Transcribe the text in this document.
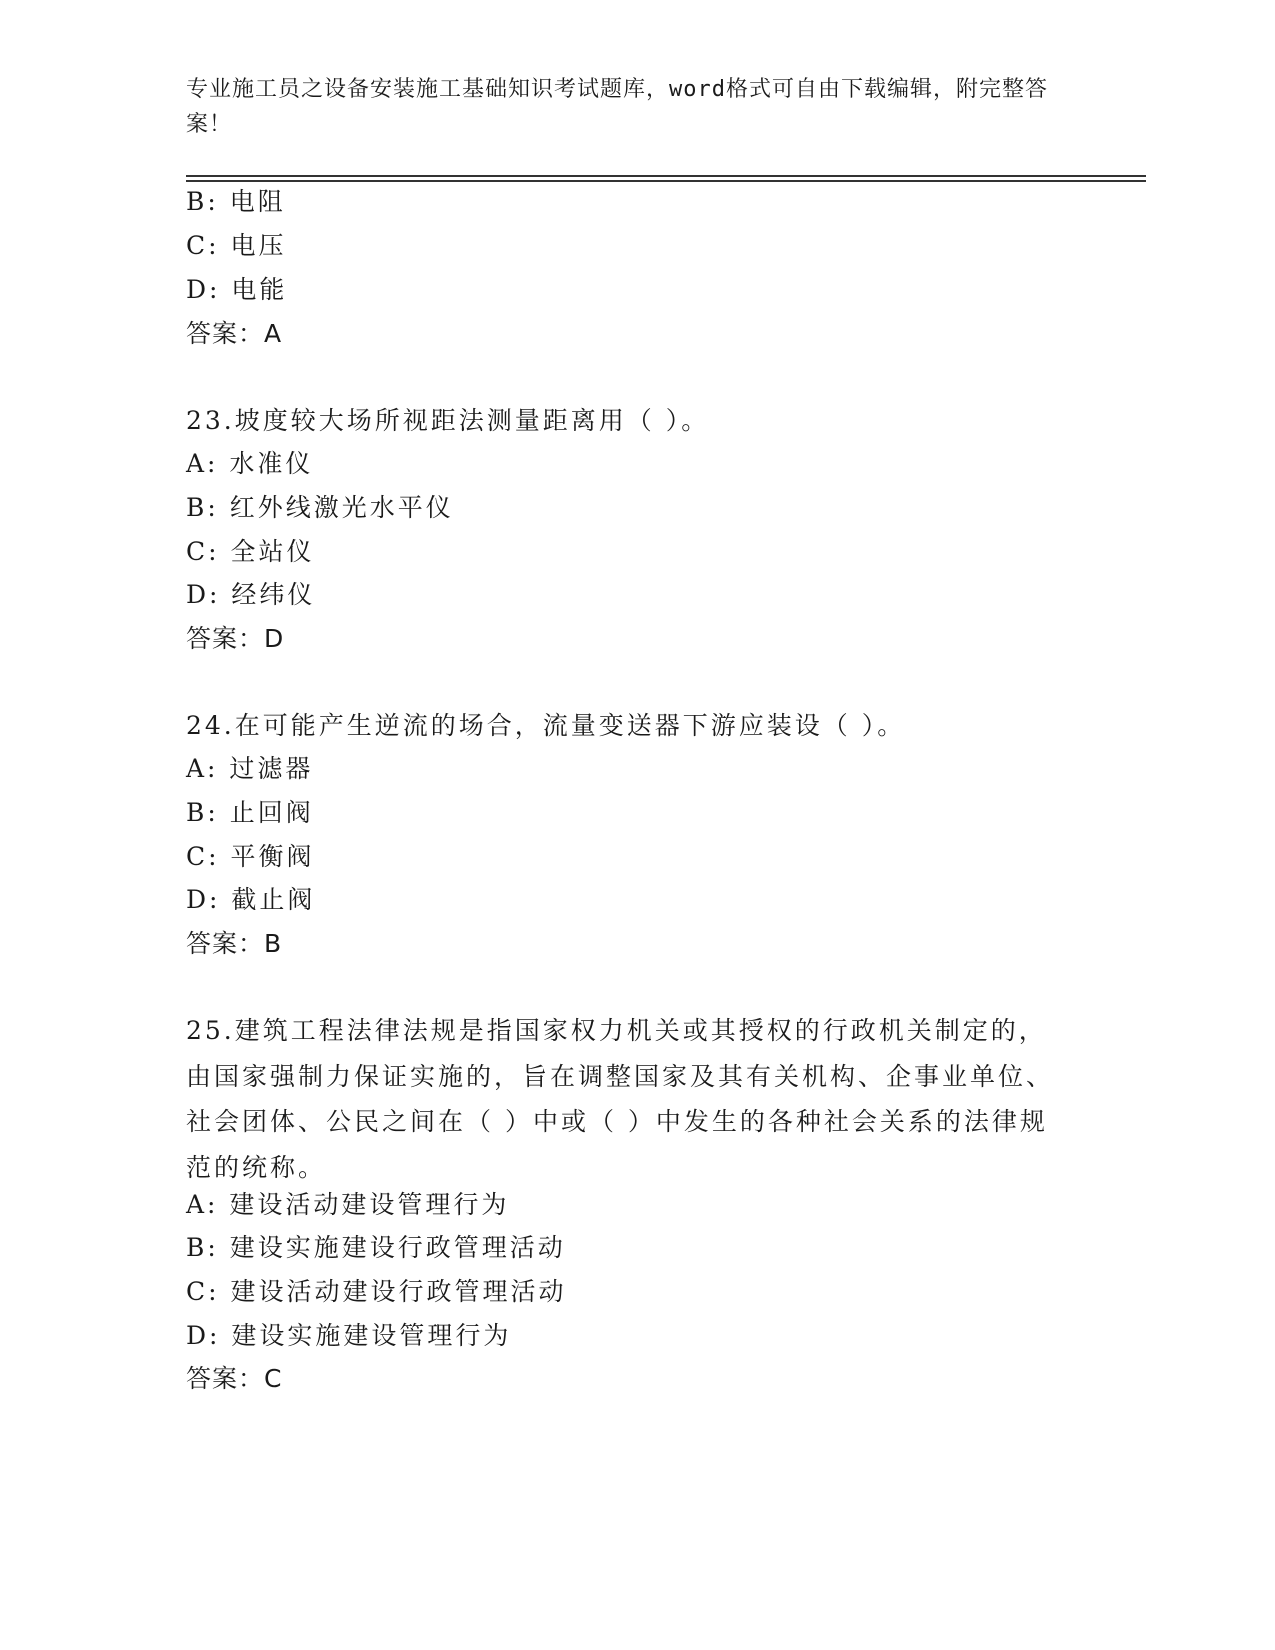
专业施工员之设备安装施工基础知识考试题库，word格式可自由下载编辑，附完整答案！
B: 电阻
C: 电压
D: 电能
答案：A
23.坡度较大场所视距法测量距离用（ ）。
A: 水准仪
B: 红外线激光水平仪
C: 全站仪
D: 经纬仪
答案：D
24.在可能产生逆流的场合，流量变送器下游应装设（ ）。
A: 过滤器
B: 止回阀
C: 平衡阀
D: 截止阀
答案：B
25.建筑工程法律法规是指国家权力机关或其授权的行政机关制定的，由国家强制力保证实施的，旨在调整国家及其有关机构、企事业单位、社会团体、公民之间在（ ）中或（ ）中发生的各种社会关系的法律规范的统称。
A: 建设活动建设管理行为
B: 建设实施建设行政管理活动
C: 建设活动建设行政管理活动
D: 建设实施建设管理行为
答案：C
